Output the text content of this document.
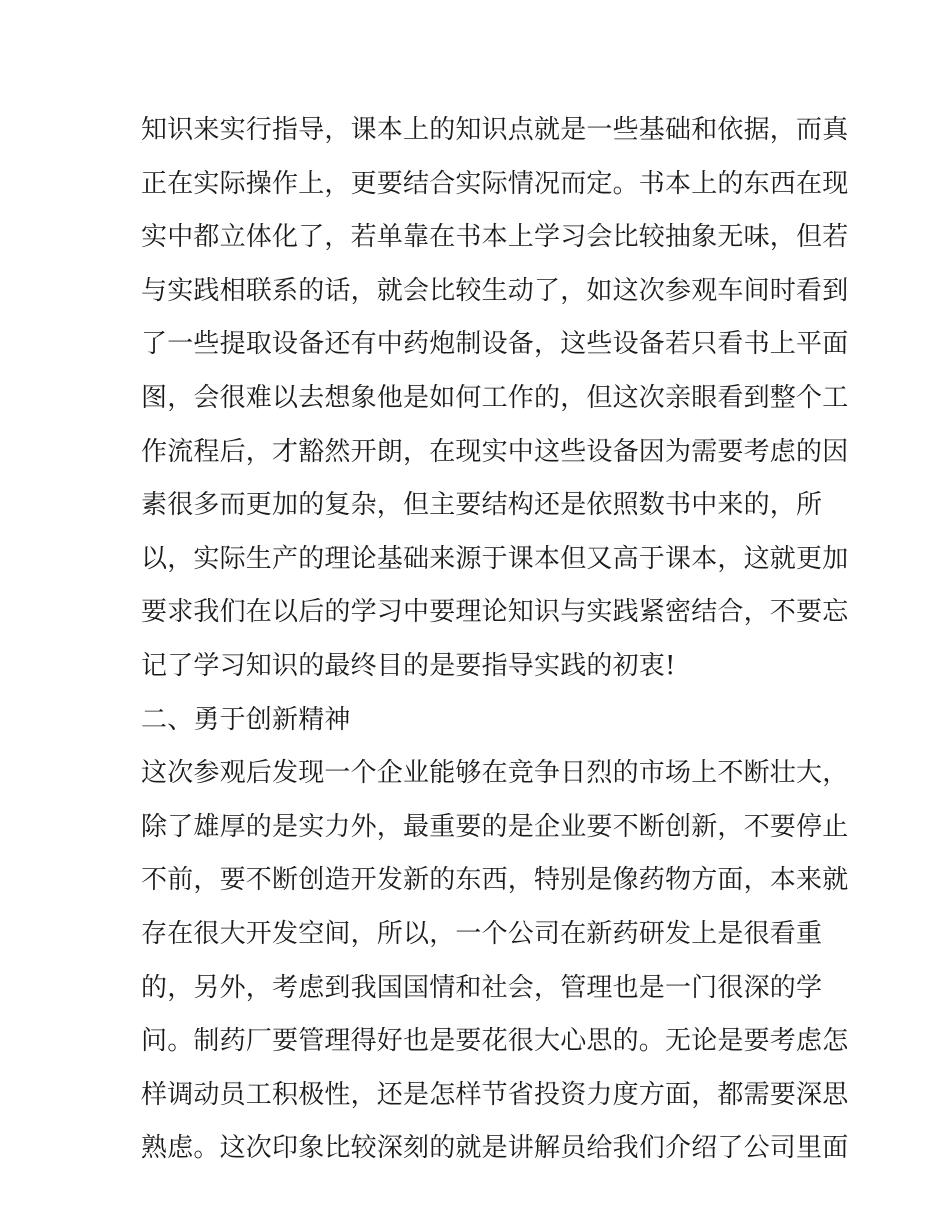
知识来实行指导，课本上的知识点就是一些基础和依据，而真
正在实际操作上，更要结合实际情况而定。书本上的东西在现
实中都立体化了，若单靠在书本上学习会比较抽象无味，但若
与实践相联系的话，就会比较生动了，如这次参观车间时看到
了一些提取设备还有中药炮制设备，这些设备若只看书上平面
图，会很难以去想象他是如何工作的，但这次亲眼看到整个工
作流程后，才豁然开朗，在现实中这些设备因为需要考虑的因
素很多而更加的复杂，但主要结构还是依照数书中来的，所
以，实际生产的理论基础来源于课本但又高于课本，这就更加
要求我们在以后的学习中要理论知识与实践紧密结合，不要忘
记了学习知识的最终目的是要指导实践的初衷!
二、勇于创新精神
这次参观后发现一个企业能够在竞争日烈的市场上不断壮大，
除了雄厚的是实力外，最重要的是企业要不断创新，不要停止
不前，要不断创造开发新的东西，特别是像药物方面，本来就
存在很大开发空间，所以，一个公司在新药研发上是很看重
的，另外，考虑到我国国情和社会，管理也是一门很深的学
问。制药厂要管理得好也是要花很大心思的。无论是要考虑怎
样调动员工积极性，还是怎样节省投资力度方面，都需要深思
熟虑。这次印象比较深刻的就是讲解员给我们介绍了公司里面
